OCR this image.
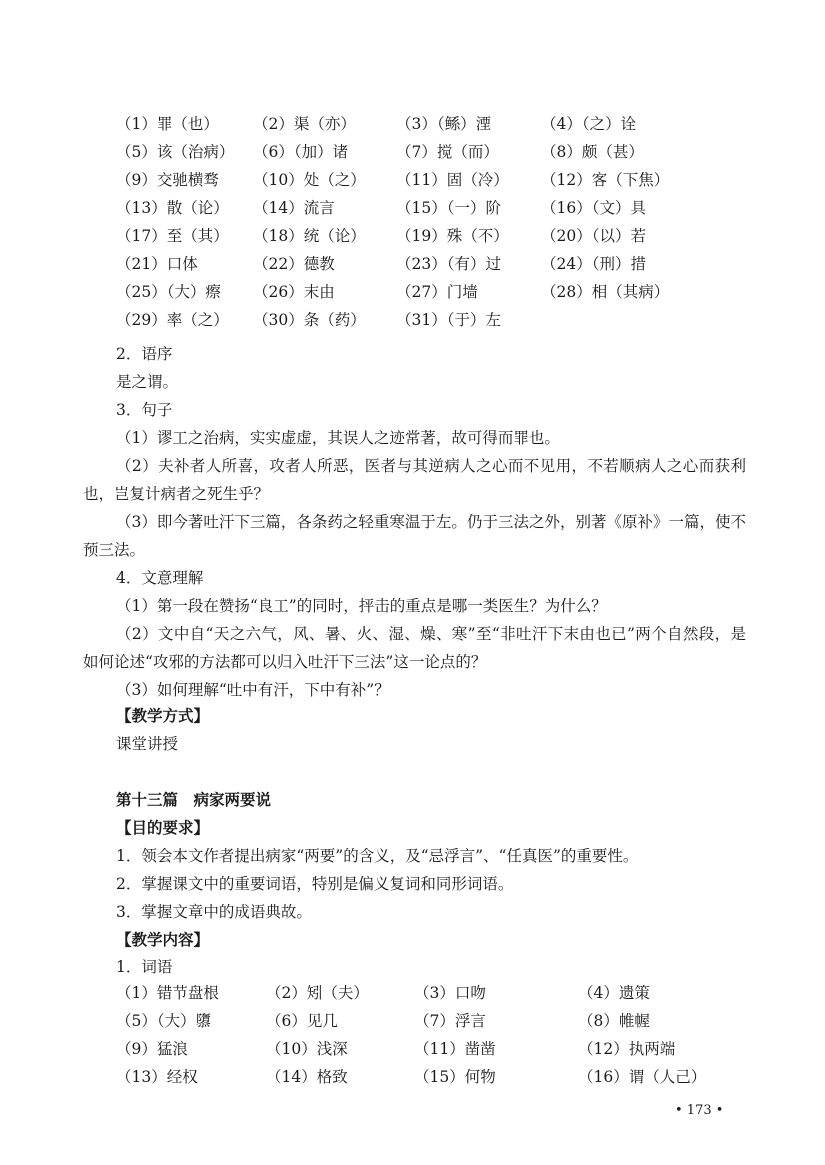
（1）罪（也） （2）渠（亦）	（3）（鲧）湮	（4）（之）诠
（5）该（治病） （6）（加）诸	（7）搅（而）	（8）颇（甚）
（9）交驰横骛 （10）处（之） （11）固（冷） （12）客（下焦）
（13）散（论） （14）流言	（15）（一）阶	（16）（文）具
（17）至（其） （18）统（论） （19）殊（不） （20）（以）若
（21）口体	（22）德教	（23）（有）过	（24）（刑）措
（25）（大）瘵 （26）末由	（27）门墙	（28）相（其病）
（29）率（之） （30）条（药） （31）（于）左
2．语序
是之谓。
3．句子
（1）谬工之治病，实实虚虚，其误人之迹常著，故可得而罪也。
（2）夫补者人所喜，攻者人所恶，医者与其逆病人之心而不见用，不若顺病人之心而获利也，岂复计病者之死生乎？
（3）即今著吐汗下三篇，各条药之轻重寒温于左。仍于三法之外，别著《原补》一篇，使不预三法。
4．文意理解
（1）第一段在赞扬“良工”的同时，抨击的重点是哪一类医生？为什么？
（2）文中自“天之六气，风、暑、火、湿、燥、寒”至“非吐汗下末由也已”两个自然段，是如何论述“攻邪的方法都可以归入吐汗下三法”这一论点的？
（3）如何理解“吐中有汗，下中有补”？
【教学方式】
课堂讲授
第十三篇　病家两要说
【目的要求】
1．领会本文作者提出病家“两要”的含义，及“忌浮言”、“任真医”的重要性。
2．掌握课文中的重要词语，特别是偏义复词和同形词语。
3．掌握文章中的成语典故。
【教学内容】
1．词语
（1）错节盘根	（2）矧（夫）	（3）口吻	（4）遗策
（5）（大）隳	（6）见几	（7）浮言	（8）帷幄
（9）猛浪	（10）浅深	（11）凿凿	（12）执两端
（13）经权	（14）格致	（15）何物	（16）谓（人己）
• 173 •
